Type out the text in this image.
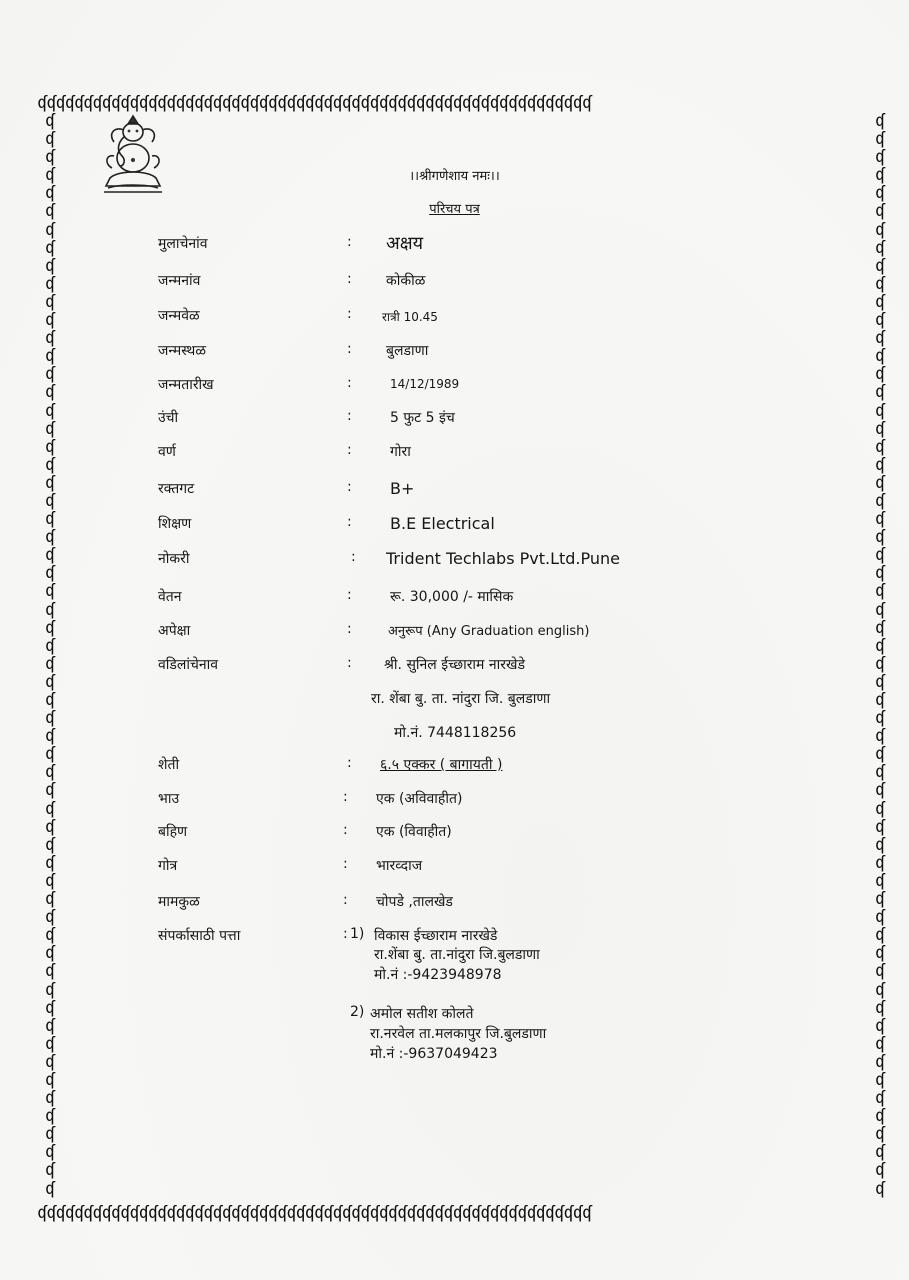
ʠʠʠʠʠʠʠʠʠʠʠʠʠʠʠʠʠʠʠʠʠʠʠʠʠʠʠʠʠʠʠʠʠʠʠʠʠʠʠʠʠʠʠʠʠʠʠʠʠʠʠʠʠʠʠʠʠʠʠʠ
ʠʠʠʠʠʠʠʠʠʠʠʠʠʠʠʠʠʠʠʠʠʠʠʠʠʠʠʠʠʠʠʠʠʠʠʠʠʠʠʠʠʠʠʠʠʠʠʠʠʠʠʠʠʠʠʠʠʠʠʠ
ʠ
ʠ
ʠ
ʠ
ʠ
ʠ
ʠ
ʠ
ʠ
ʠ
ʠ
ʠ
ʠ
ʠ
ʠ
ʠ
ʠ
ʠ
ʠ
ʠ
ʠ
ʠ
ʠ
ʠ
ʠ
ʠ
ʠ
ʠ
ʠ
ʠ
ʠ
ʠ
ʠ
ʠ
ʠ
ʠ
ʠ
ʠ
ʠ
ʠ
ʠ
ʠ
ʠ
ʠ
ʠ
ʠ
ʠ
ʠ
ʠ
ʠ
ʠ
ʠ
ʠ
ʠ
ʠ
ʠ
ʠ
ʠ
ʠ
ʠ
ʠ
ʠ
ʠ
ʠ
ʠ
ʠ
ʠ
ʠ
ʠ
ʠ
ʠ
ʠ
ʠ
ʠ
ʠ
ʠ
ʠ
ʠ
ʠ
ʠ
ʠ
ʠ
ʠ
ʠ
ʠ
ʠ
ʠ
ʠ
ʠ
ʠ
ʠ
ʠ
ʠ
ʠ
ʠ
ʠ
ʠ
ʠ
ʠ
ʠ
ʠ
ʠ
ʠ
ʠ
ʠ
ʠ
ʠ
ʠ
ʠ
ʠ
ʠ
ʠ
ʠ
ʠ
ʠ
ʠ
ʠ
ʠ
ʠ
ʠ
।।श्रीगणेशाय नमः।।
परिचय पत्र
मुलाचेनांव	: अक्षय
जन्मनांव	: कोकीळ
जन्मवेळ	:	रात्री 10.45
जन्मस्थळ	: बुलडाणा
जन्मतारीख	:	14/12/1989
उंची	:	5 फुट 5 इंच
वर्ण	:	गोरा
रक्तगट	: B+
शिक्षण	: B.E Electrical
नोकरी	: Trident Techlabs Pvt.Ltd.Pune
वेतन	:	रू. 30,000 /- मासिक
अपेक्षा	:	अनुरूप (Any Graduation english)
वडिलांचेनाव	: श्री. सुनिल ईच्छाराम नारखेडे
रा. शेंबा बु. ता. नांदुरा जि. बुलडाणा
मो.नं. 7448118256
शेती	: ६.५ एक्कर ( बागायती )
भाउ	: एक (अविवाहीत)
बहिण	: एक (विवाहीत)
गोत्र	: भारव्दाज
मामकुळ	: चोपडे ,तालखेड
संपर्कासाठी पत्ता	: 1) विकास ईच्छाराम नारखेडे
रा.शेंबा बु. ता.नांदुरा जि.बुलडाणा
मो.नं :-9423948978
2) अमोल सतीश कोलते
रा.नरवेल ता.मलकापुर जि.बुलडाणा
मो.नं :-9637049423
